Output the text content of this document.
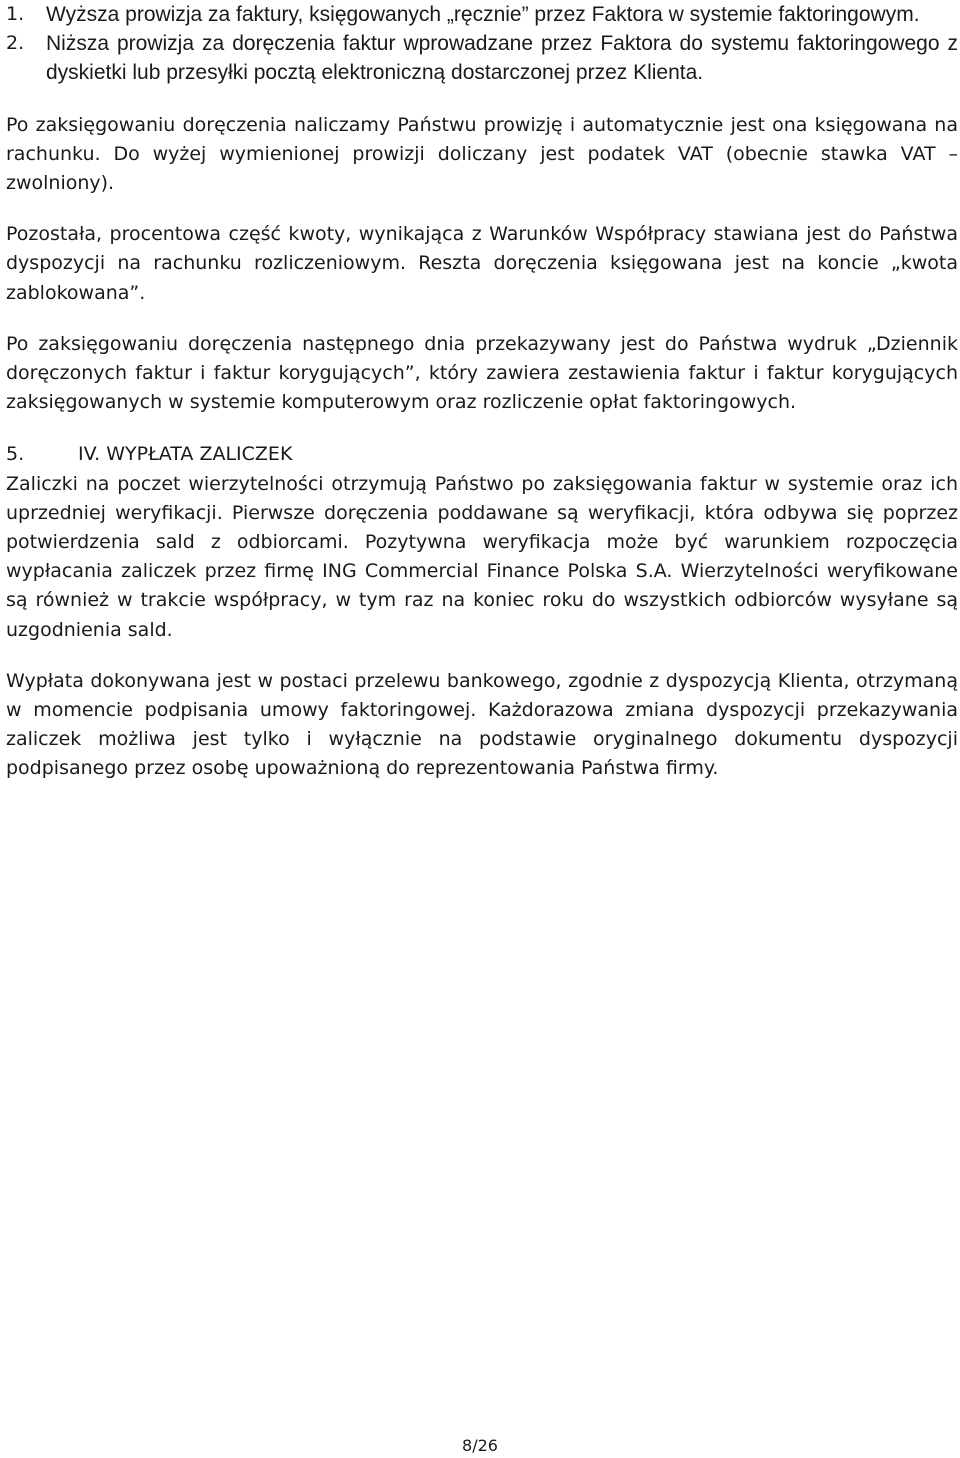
1.	Wyższa prowizja za faktury, księgowanych „ręcznie” przez Faktora w systemie faktoringowym.
2.	Niższa prowizja za doręczenia faktur wprowadzane przez Faktora do systemu faktoringowego z dyskietki lub przesyłki pocztą elektroniczną dostarczonej przez Klienta.

Po zaksięgowaniu doręczenia naliczamy Państwu prowizję i automatycznie jest ona księgowana na rachunku. Do wyżej wymienionej prowizji doliczany jest podatek VAT (obecnie stawka VAT – zwolniony).

Pozostała, procentowa część kwoty, wynikająca z Warunków Współpracy stawiana jest do Państwa dyspozycji na rachunku rozliczeniowym. Reszta doręczenia księgowana jest na koncie „kwota zablokowana”.

Po zaksięgowaniu doręczenia następnego dnia przekazywany jest do Państwa wydruk „Dziennik doręczonych faktur i faktur korygujących”, który zawiera zestawienia faktur i faktur korygujących zaksięgowanych w systemie komputerowym oraz rozliczenie opłat faktoringowych.

5.	IV. WYPŁATA ZALICZEK

Zaliczki na poczet wierzytelności otrzymują Państwo po zaksięgowania faktur w systemie oraz ich uprzedniej weryfikacji. Pierwsze doręczenia poddawane są weryfikacji, która odbywa się poprzez potwierdzenia sald z odbiorcami. Pozytywna weryfikacja może być warunkiem rozpoczęcia wypłacania zaliczek przez firmę ING Commercial Finance Polska S.A. Wierzytelności weryfikowane są również w trakcie współpracy, w tym raz na koniec roku do wszystkich odbiorców wysyłane są uzgodnienia sald.

Wypłata dokonywana jest w postaci przelewu bankowego, zgodnie z dyspozycją Klienta, otrzymaną w momencie podpisania umowy faktoringowej. Każdorazowa zmiana dyspozycji przekazywania zaliczek możliwa jest tylko i wyłącznie na podstawie oryginalnego dokumentu dyspozycji podpisanego przez osobę upoważnioną do reprezentowania Państwa firmy.

8/26
